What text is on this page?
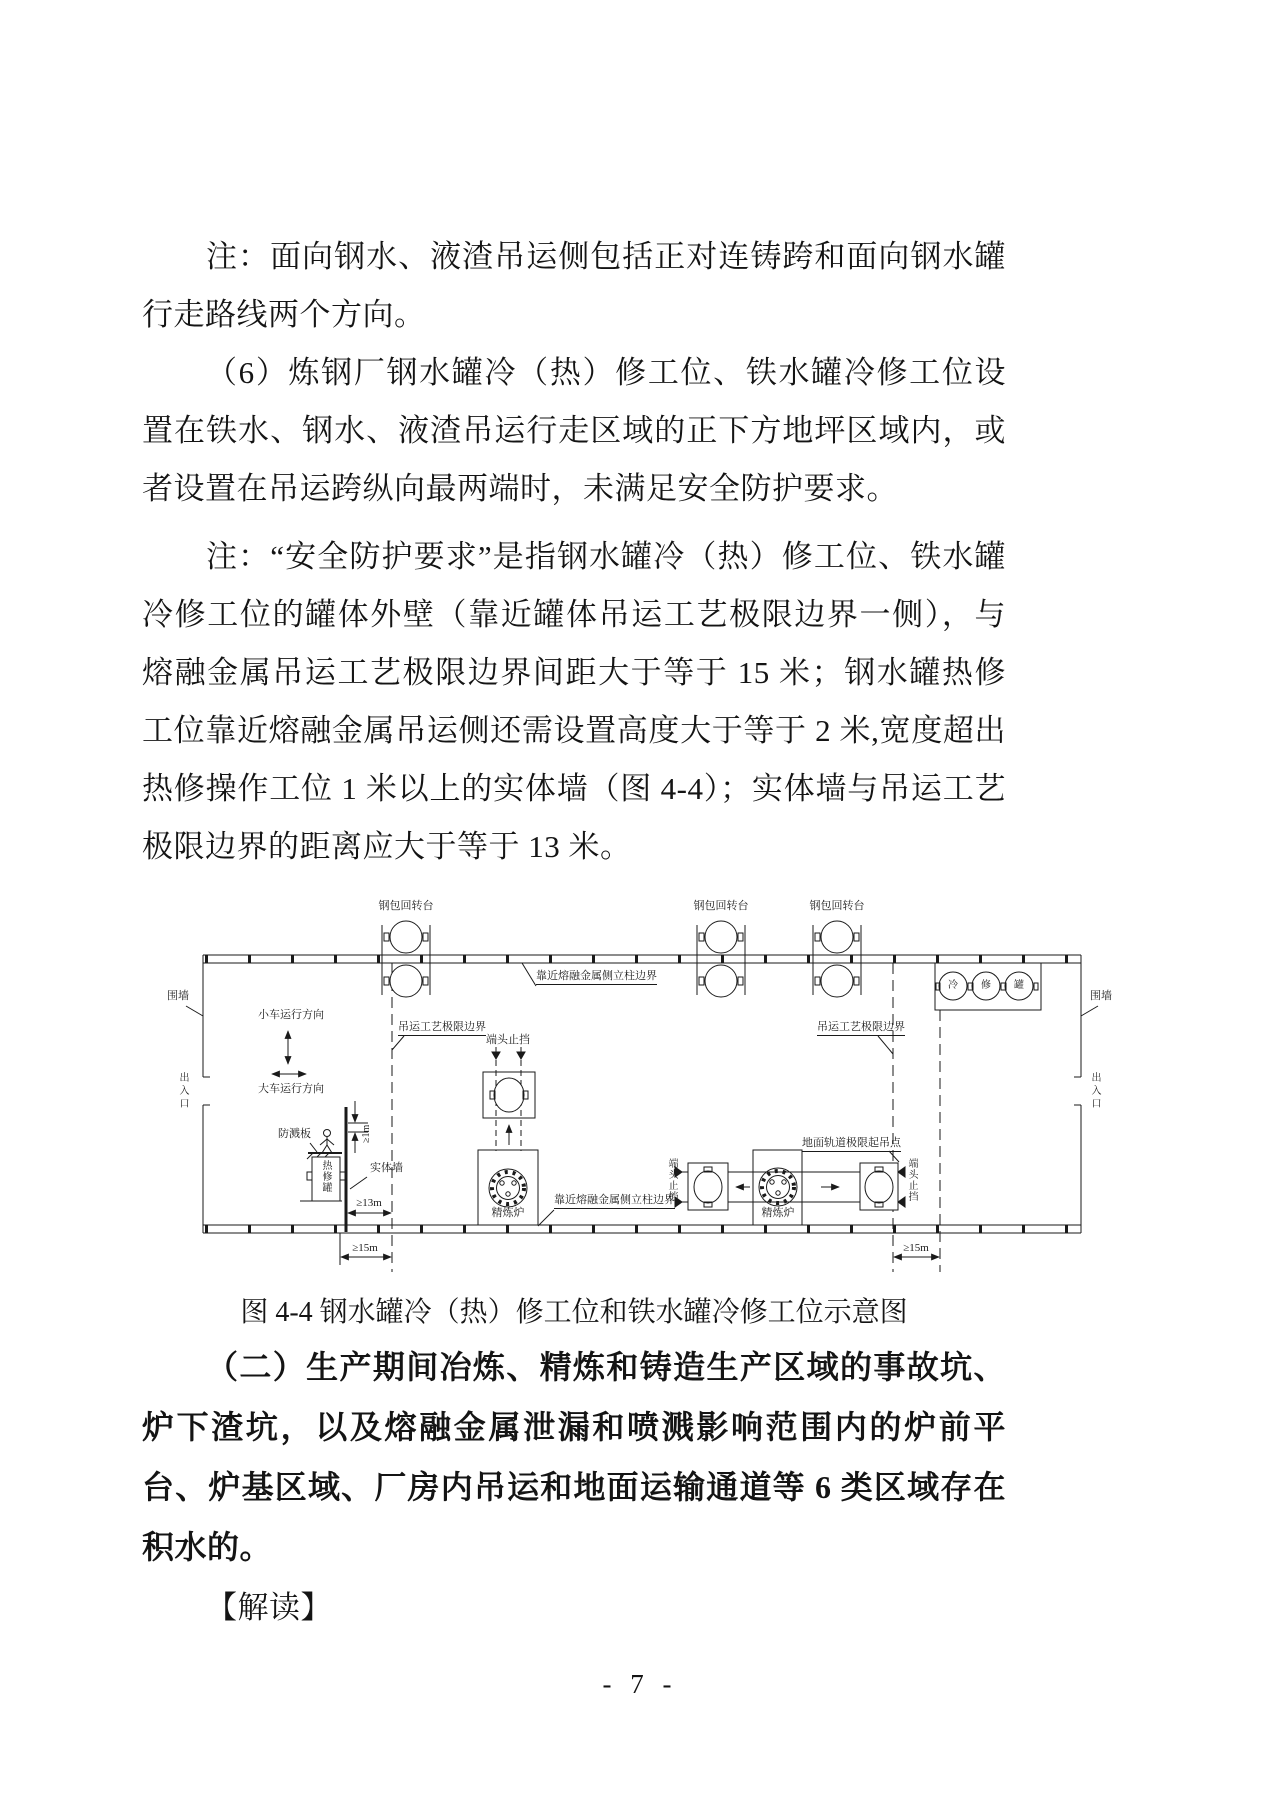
注：面向钢水、液渣吊运侧包括正对连铸跨和面向钢水罐行走路线两个方向。

（6）炼钢厂钢水罐冷（热）修工位、铁水罐冷修工位设置在铁水、钢水、液渣吊运行走区域的正下方地坪区域内，或者设置在吊运跨纵向最两端时，未满足安全防护要求。

注：“安全防护要求”是指钢水罐冷（热）修工位、铁水罐冷修工位的罐体外壁（靠近罐体吊运工艺极限边界一侧），与熔融金属吊运工艺极限边界间距大于等于 15 米；钢水罐热修工位靠近熔融金属吊运侧还需设置高度大于等于 2 米,宽度超出热修操作工位 1 米以上的实体墙（图 4-4）；实体墙与吊运工艺极限边界的距离应大于等于 13 米。

钢包回转台	钢包回转台	钢包回转台
围墙	围墙
出入口	出入口
小车运行方向
大车运行方向
吊运工艺极限边界	吊运工艺极限边界
靠近熔融金属侧立柱边界
靠近熔融金属侧立柱边界
端头止挡
端头止挡	端头止挡
防溅板
热修罐	实体墙
精炼炉	精炼炉
地面轨道极限起吊点
冷 修 罐
≥1m
≥13m
≥15m	≥15m
图 4-4 钢水罐冷（热）修工位和铁水罐冷修工位示意图

（二）生产期间冶炼、精炼和铸造生产区域的事故坑、炉下渣坑，以及熔融金属泄漏和喷溅影响范围内的炉前平台、炉基区域、厂房内吊运和地面运输通道等 6 类区域存在积水的。

【解读】

- 7 -
